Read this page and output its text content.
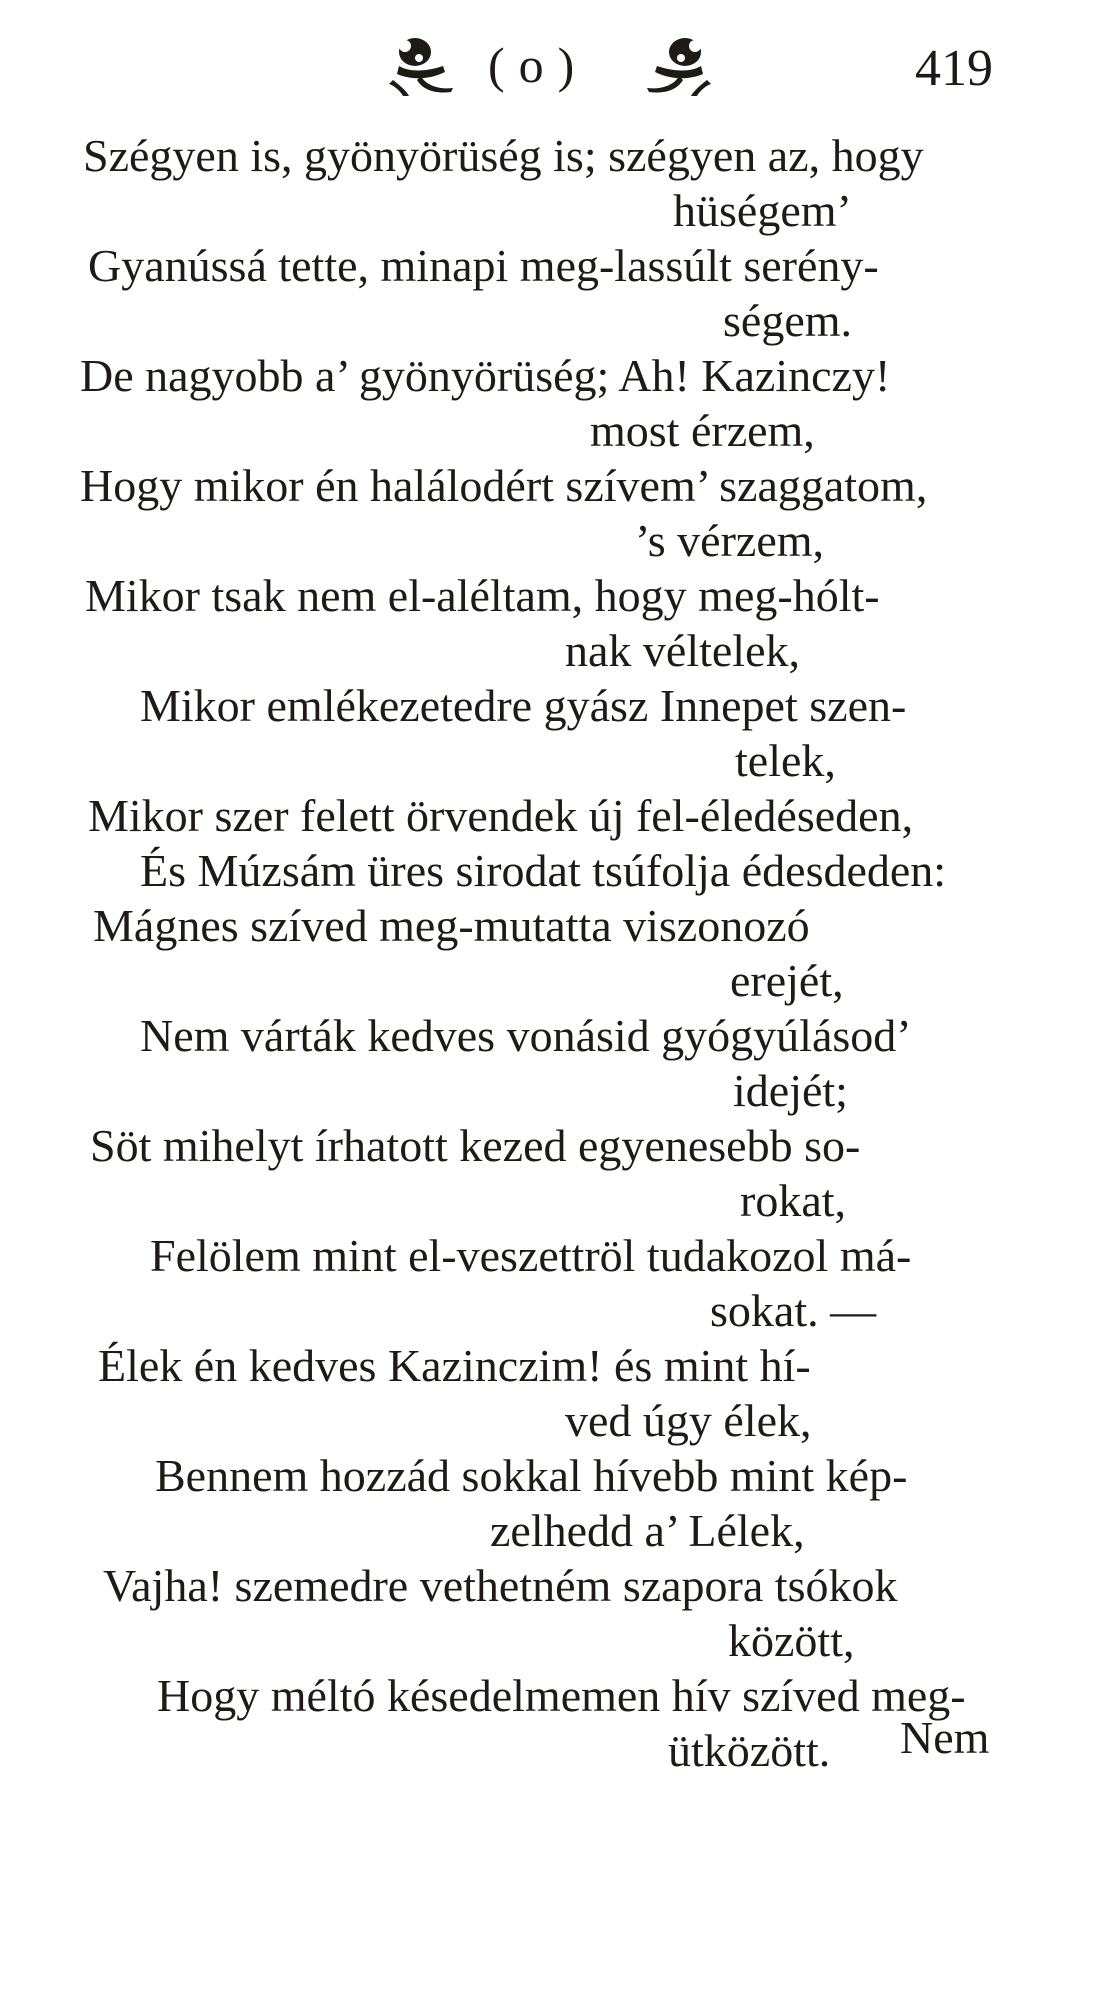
(o)	419
Szégyen is, gyönyörüség is; szégyen az, hogy
hüségem’
Gyanússá tette, minapi meg-lassúlt serény-
ségem.
De nagyobb a’ gyönyörüség; Ah! Kazinczy!
most érzem,
Hogy mikor én halálodért szívem’ szaggatom,
’s vérzem,
Mikor tsak nem el-aléltam, hogy meg-hólt-
nak véltelek,
Mikor emlékezetedre gyász Innepet szen-
telek,
Mikor szer felett örvendek új fel-éledéseden,
És Múzsám üres sirodat tsúfolja édesdeden:
Mágnes szíved meg-mutatta viszonozó
erejét,
Nem várták kedves vonásid gyógyúlásod’
idejét;
Söt mihelyt írhatott kezed egyenesebb so-
rokat,
Felölem mint el-veszettröl tudakozol má-
sokat. —
Élek én kedves Kazinczim! és mint hí-
ved úgy élek,
Bennem hozzád sokkal hívebb mint kép-
zelhedd a’ Lélek,
Vajha! szemedre vethetném szapora tsókok
között,
Hogy méltó késedelmemen hív szíved meg-
ütközött.	Nem
